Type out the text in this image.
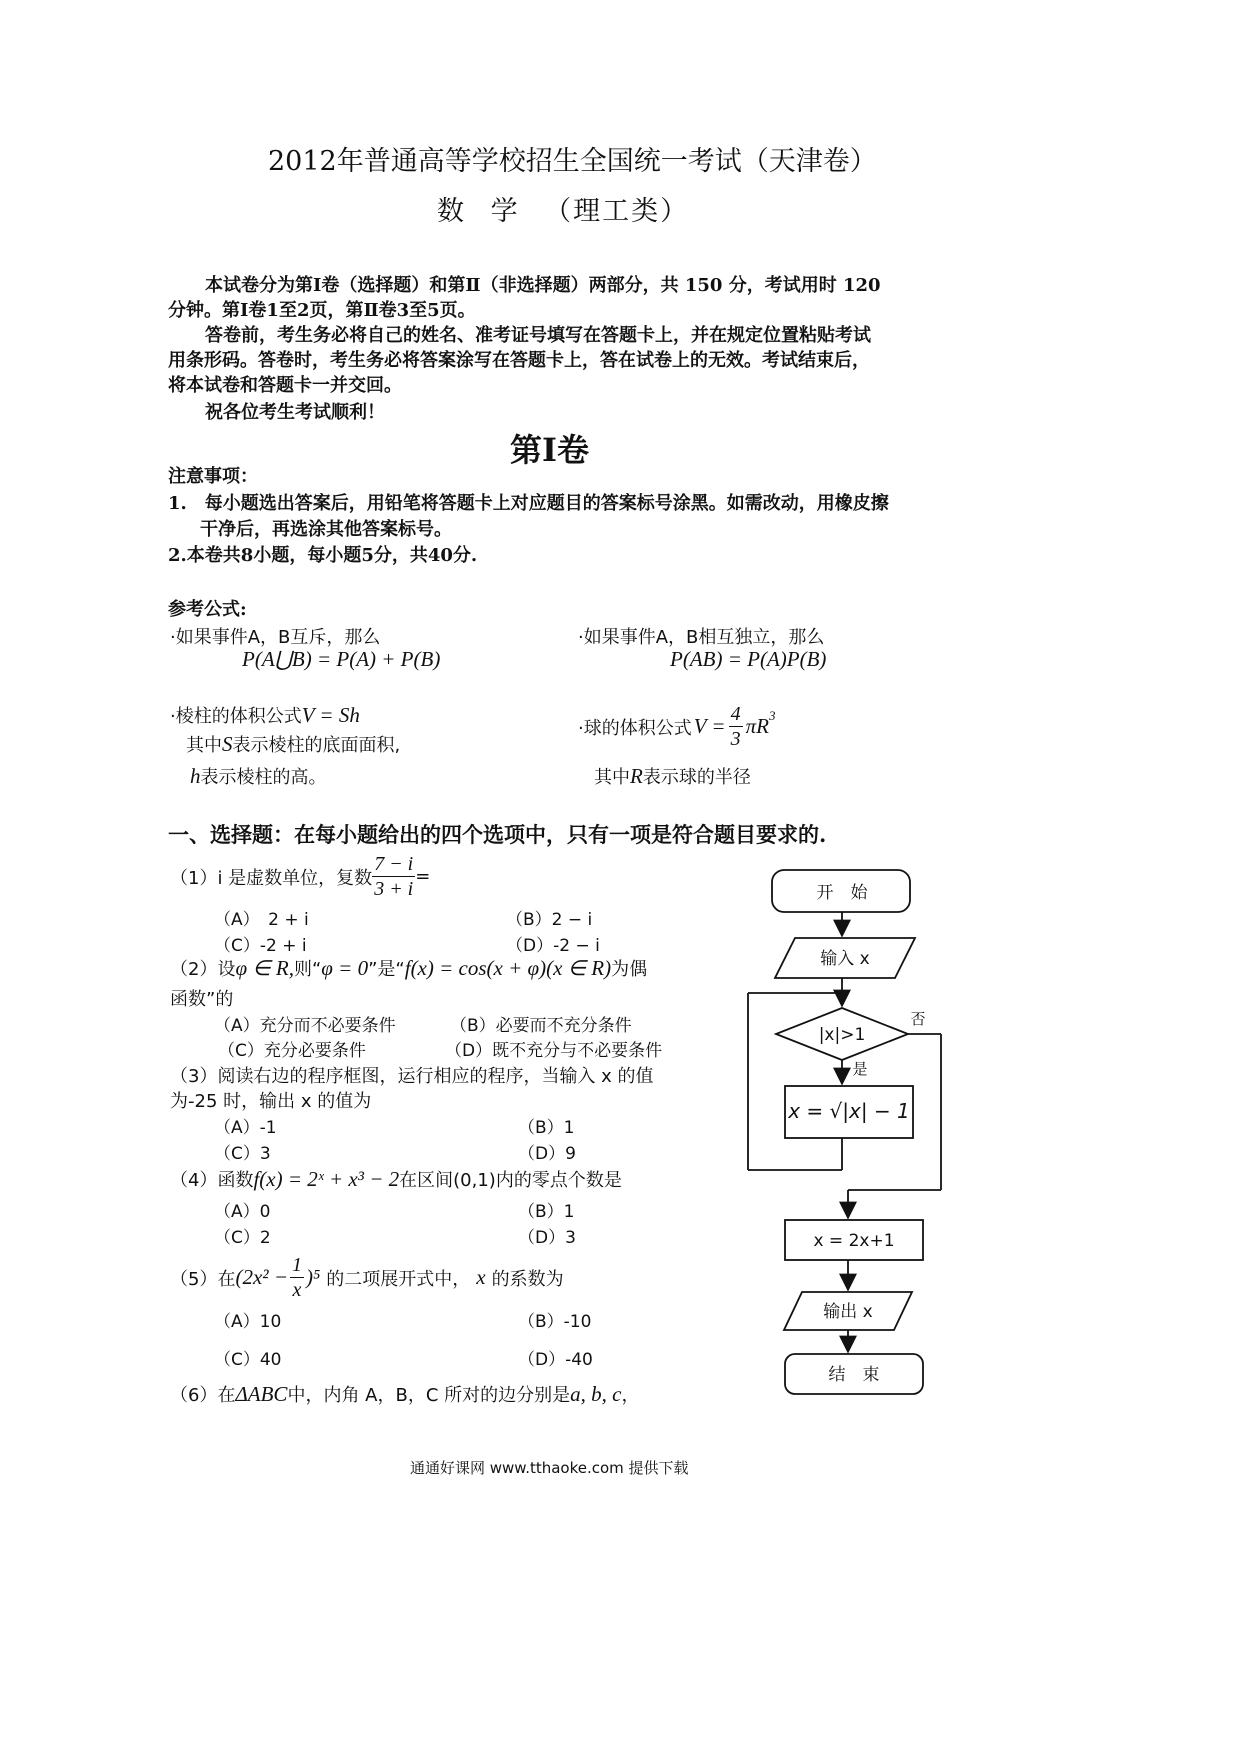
2012年普通高等学校招生全国统一考试（天津卷）
数 学 （理工类）
本试卷分为第Ⅰ卷（选择题）和第Ⅱ（非选择题）两部分，共 150 分，考试用时 120
分钟。第Ⅰ卷1至2页，第Ⅱ卷3至5页。
答卷前，考生务必将自己的姓名、准考证号填写在答题卡上，并在规定位置粘贴考试
用条形码。答卷时，考生务必将答案涂写在答题卡上，答在试卷上的无效。考试结束后，
将本试卷和答题卡一并交回。
祝各位考生考试顺利！
第Ⅰ卷
注意事项：
1.　每小题选出答案后，用铅笔将答题卡上对应题目的答案标号涂黑。如需改动，用橡皮擦
干净后，再选涂其他答案标号。
2.本卷共8小题，每小题5分，共40分.
参考公式:
·如果事件A，B互斥，那么
P(A⋃B) = P(A) + P(B)
·如果事件A，B相互独立，那么
P(AB) = P(A)P(B)
·棱柱的体积公式V = Sh
其中S表示棱柱的底面面积,
h表示棱柱的高。
·球的体积公式 $V = \frac{4}{3} \pi R^3$
其中R表示球的半径
一、选择题：在每小题给出的四个选项中，只有一项是符合题目要求的.
（1）i 是虚数单位，复数 $\frac{7 - i}{3 + i}$ =
（A）　2 + i	（B）2 − i
（C）-2 + i	（D）-2 − i
（2）设φ ∈ R,则“φ = 0”是“f(x) = cos(x + φ)(x ∈ R)为偶
函数”的
（A）充分而不必要条件	（B）必要而不充分条件
（C）充分必要条件	（D）既不充分与不必要条件
（3）阅读右边的程序框图，运行相应的程序，当输入 x 的值
为-25 时，输出 x 的值为
（A）-1	（B）1
（C）3	（D）9
（4）函数f(x) = 2ˣ + x³ − 2在区间(0,1)内的零点个数是
（A）0	（B）1
（C）2	（D）3
（5）在 $(2x^2 - \frac{1}{x} )^5$ 的二项展开式中， x 的系数为
（A）10	（B）-10
（C）40	（D）-40
（6）在ΔABC中，内角 A，B，C 所对的边分别是a, b, c，
开　始
输入 x
|x|>1
是
否
x = √|x| − 1
x = 2x+1
输出 x
结　束
通通好课网 www.tthaoke.com 提供下载
